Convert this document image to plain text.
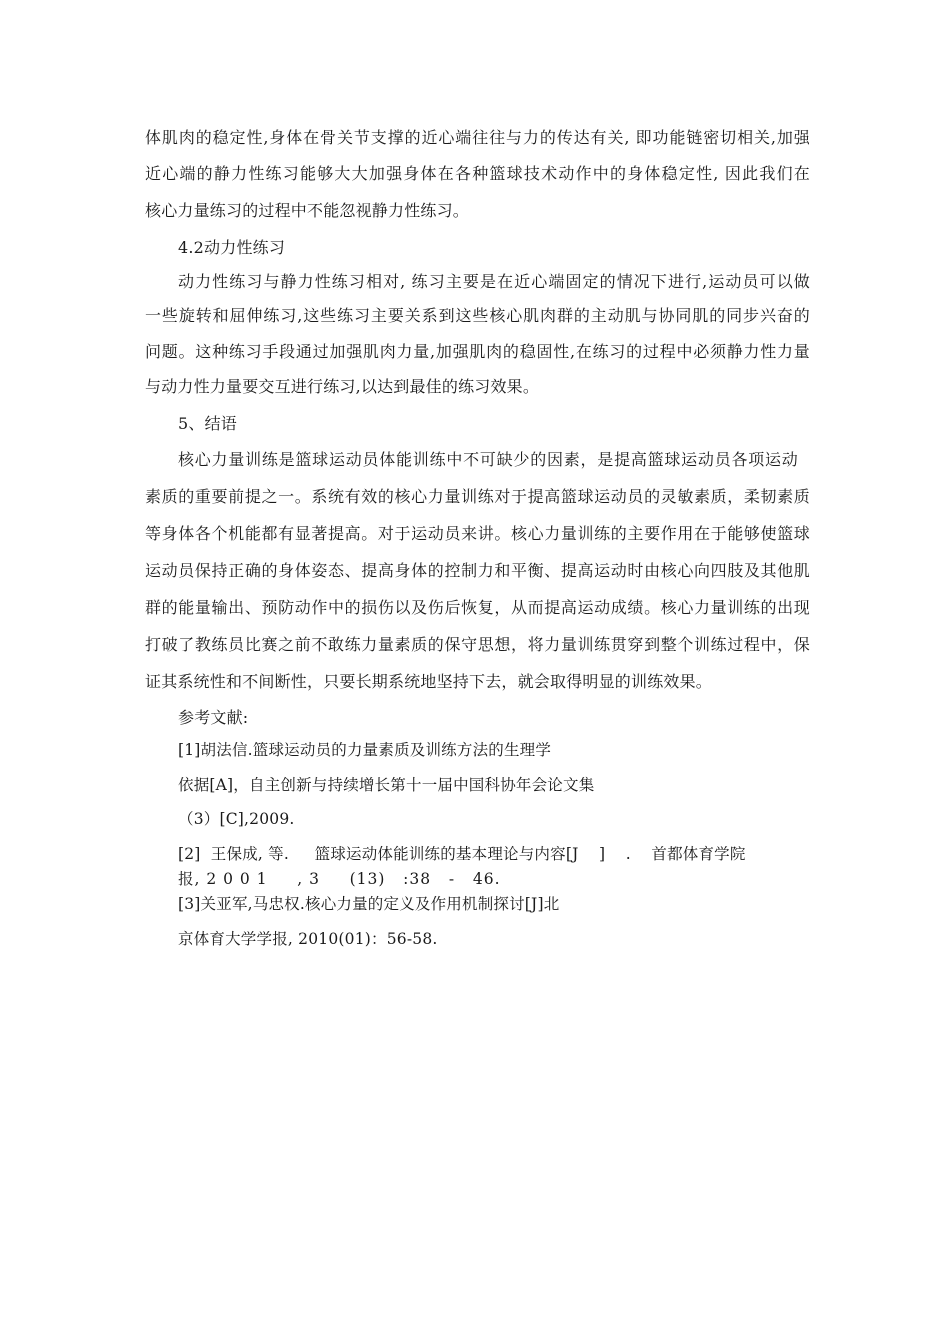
体肌肉的稳定性,身体在骨关节支撑的近心端往往与力的传达有关, 即功能链密切相关,加强
近心端的静力性练习能够大大加强身体在各种篮球技术动作中的身体稳定性, 因此我们在
核心力量练习的过程中不能忽视静力性练习。
4.2动力性练习
动力性练习与静力性练习相对, 练习主要是在近心端固定的情况下进行,运动员可以做
一些旋转和屈伸练习,这些练习主要关系到这些核心肌肉群的主动肌与协同肌的同步兴奋的
问题。这种练习手段通过加强肌肉力量,加强肌肉的稳固性,在练习的过程中必须静力性力量
与动力性力量要交互进行练习,以达到最佳的练习效果。
5、结语
核心力量训练是篮球运动员体能训练中不可缺少的因素，是提高篮球运动员各项运动
素质的重要前提之一。系统有效的核心力量训练对于提高篮球运动员的灵敏素质，柔韧素质
等身体各个机能都有显著提高。对于运动员来讲。核心力量训练的主要作用在于能够使篮球
运动员保持正确的身体姿态、提高身体的控制力和平衡、提高运动时由核心向四肢及其他肌
群的能量输出、预防动作中的损伤以及伤后恢复，从而提高运动成绩。核心力量训练的出现
打破了教练员比赛之前不敢练力量素质的保守思想，将力量训练贯穿到整个训练过程中，保
证其系统性和不间断性，只要长期系统地坚持下去，就会取得明显的训练效果。
参考文献:
[1]胡法信.篮球运动员的力量素质及训练方法的生理学
依据[A]，自主创新与持续增长第十一届中国科协年会论文集
（3）[C],2009.
[2]  王保成, 等.     篮球运动体能训练的基本理论与内容[J    ]    .    首都体育学院
报, 2 0 0 1     , 3     (13)   :38   -   46.
[3]关亚军,马忠权.核心力量的定义及作用机制探讨[J]北
京体育大学学报, 2010(01)：56-58.
